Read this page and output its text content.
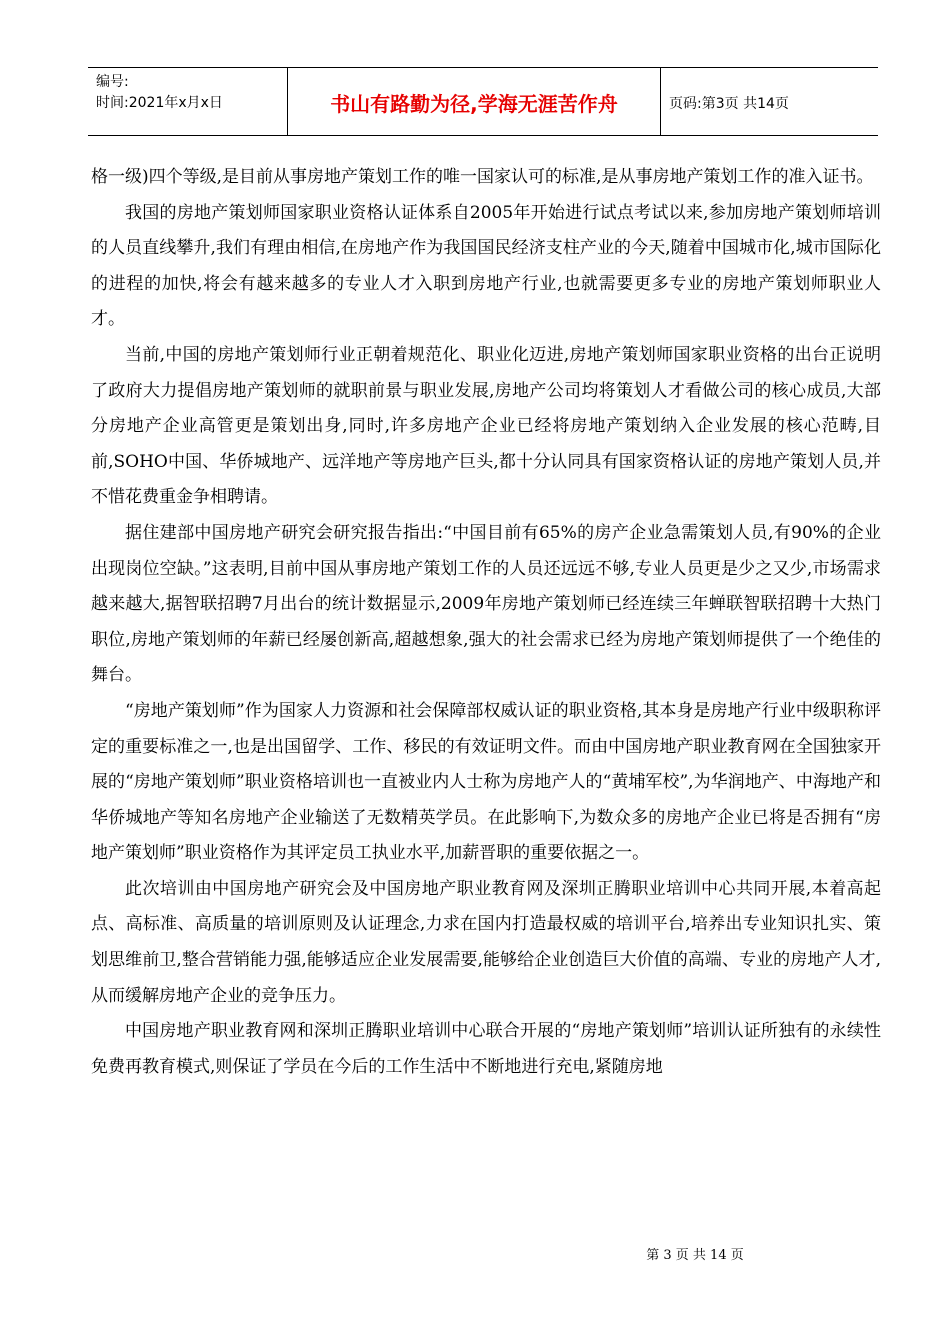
编号:
时间:2021年x月x日	书山有路勤为径,学海无涯苦作舟	页码:第3页 共14页

格一级)四个等级,是目前从事房地产策划工作的唯一国家认可的标准,是从事房地产策划工作的准入证书。

我国的房地产策划师国家职业资格认证体系自2005年开始进行试点考试以来,参加房地产策划师培训的人员直线攀升,我们有理由相信,在房地产作为我国国民经济支柱产业的今天,随着中国城市化,城市国际化的进程的加快,将会有越来越多的专业人才入职到房地产行业,也就需要更多专业的房地产策划师职业人才。

当前,中国的房地产策划师行业正朝着规范化、职业化迈进,房地产策划师国家职业资格的出台正说明了政府大力提倡房地产策划师的就职前景与职业发展,房地产公司均将策划人才看做公司的核心成员,大部分房地产企业高管更是策划出身,同时,许多房地产企业已经将房地产策划纳入企业发展的核心范畴,目前,SOHO中国、华侨城地产、远洋地产等房地产巨头,都十分认同具有国家资格认证的房地产策划人员,并不惜花费重金争相聘请。

据住建部中国房地产研究会研究报告指出:“中国目前有65%的房产企业急需策划人员,有90%的企业出现岗位空缺。”这表明,目前中国从事房地产策划工作的人员还远远不够,专业人员更是少之又少,市场需求越来越大,据智联招聘7月出台的统计数据显示,2009年房地产策划师已经连续三年蝉联智联招聘十大热门职位,房地产策划师的年薪已经屡创新高,超越想象,强大的社会需求已经为房地产策划师提供了一个绝佳的舞台。

“房地产策划师”作为国家人力资源和社会保障部权威认证的职业资格,其本身是房地产行业中级职称评定的重要标准之一,也是出国留学、工作、移民的有效证明文件。而由中国房地产职业教育网在全国独家开展的“房地产策划师”职业资格培训也一直被业内人士称为房地产人的“黄埔军校”,为华润地产、中海地产和华侨城地产等知名房地产企业输送了无数精英学员。在此影响下,为数众多的房地产企业已将是否拥有“房地产策划师”职业资格作为其评定员工执业水平,加薪晋职的重要依据之一。

此次培训由中国房地产研究会及中国房地产职业教育网及深圳正腾职业培训中心共同开展,本着高起点、高标准、高质量的培训原则及认证理念,力求在国内打造最权威的培训平台,培养出专业知识扎实、策划思维前卫,整合营销能力强,能够适应企业发展需要,能够给企业创造巨大价值的高端、专业的房地产人才,从而缓解房地产企业的竞争压力。

中国房地产职业教育网和深圳正腾职业培训中心联合开展的“房地产策划师”培训认证所独有的永续性免费再教育模式,则保证了学员在今后的工作生活中不断地进行充电,紧随房地

第 3 页 共 14 页
